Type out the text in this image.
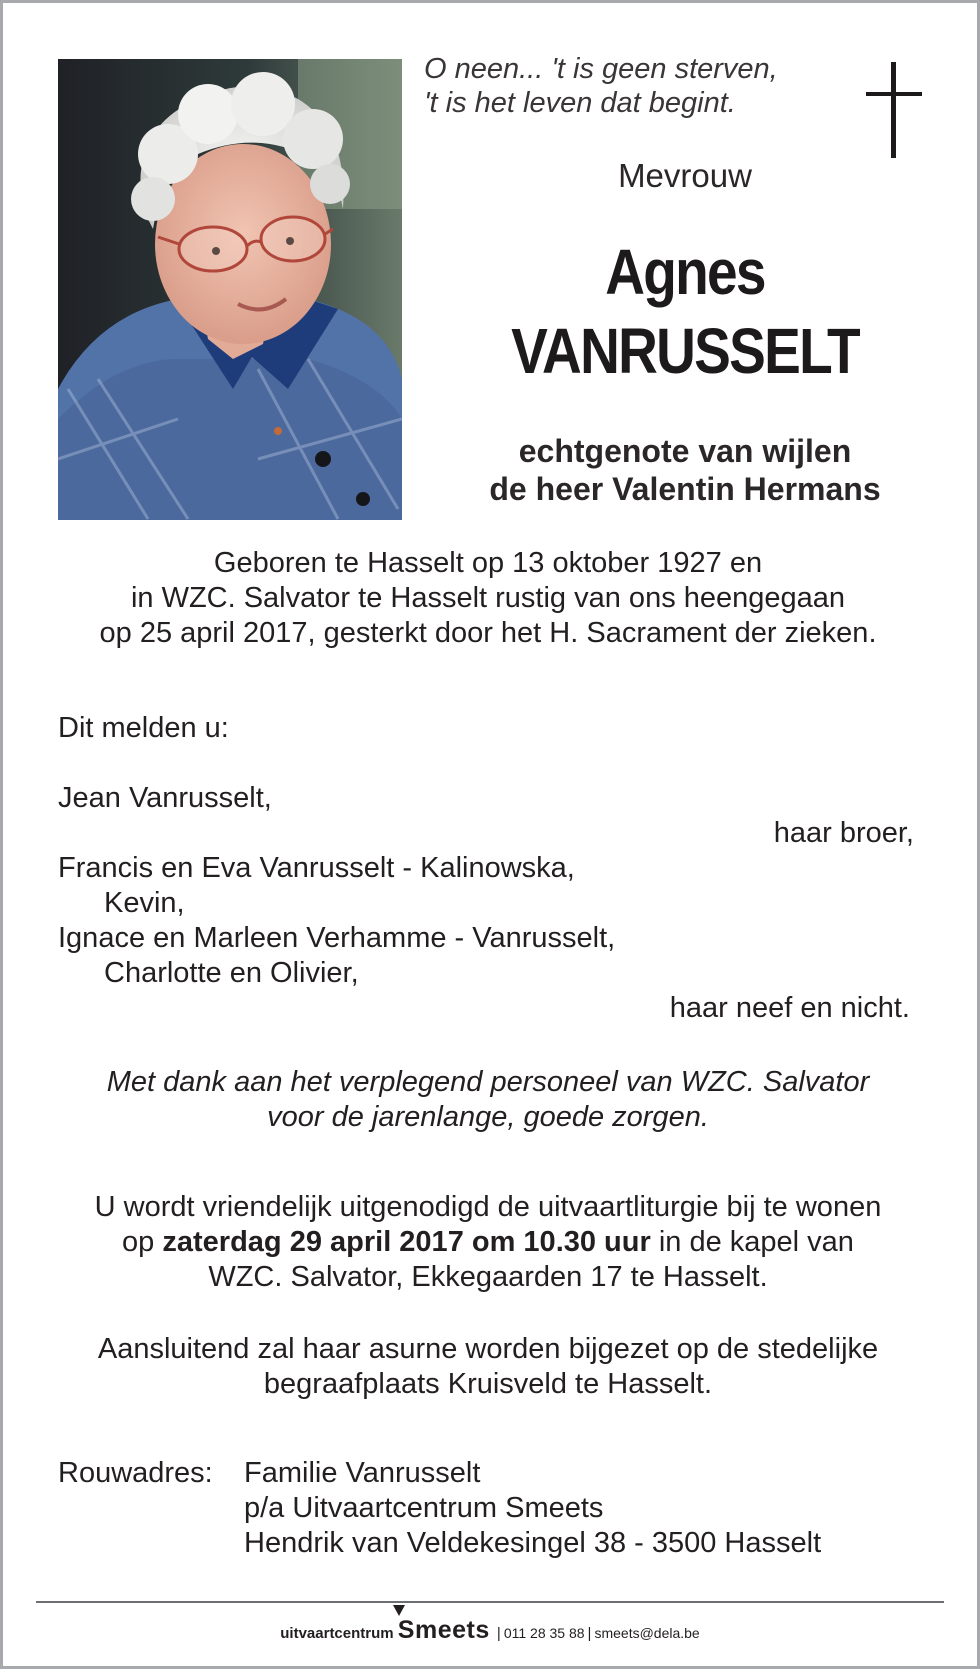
O neen... 't is geen sterven,
't is het leven dat begint.
Mevrouw
Agnes
VANRUSSELT
echtgenote van wijlen
de heer Valentin Hermans
Geboren te Hasselt op 13 oktober 1927 en
in WZC. Salvator te Hasselt rustig van ons heengegaan
op 25 april 2017, gesterkt door het H. Sacrament der zieken.
Dit melden u:
Jean Vanrusselt,
haar broer,
Francis en Eva Vanrusselt - Kalinowska,
Kevin,
Ignace en Marleen Verhamme - Vanrusselt,
Charlotte en Olivier,
haar neef en nicht.
Met dank aan het verplegend personeel van WZC. Salvator
voor de jarenlange, goede zorgen.
U wordt vriendelijk uitgenodigd de uitvaartliturgie bij te wonen
op zaterdag 29 april 2017 om 10.30 uur in de kapel van
WZC. Salvator, Ekkegaarden 17 te Hasselt.
Aansluitend zal haar asurne worden bijgezet op de stedelijke
begraafplaats Kruisveld te Hasselt.
Rouwadres: Familie Vanrusselt
p/a Uitvaartcentrum Smeets
Hendrik van Veldekesingel 38 - 3500 Hasselt
uitvaartcentrum Smeets | 011 28 35 88 | smeets@dela.be
